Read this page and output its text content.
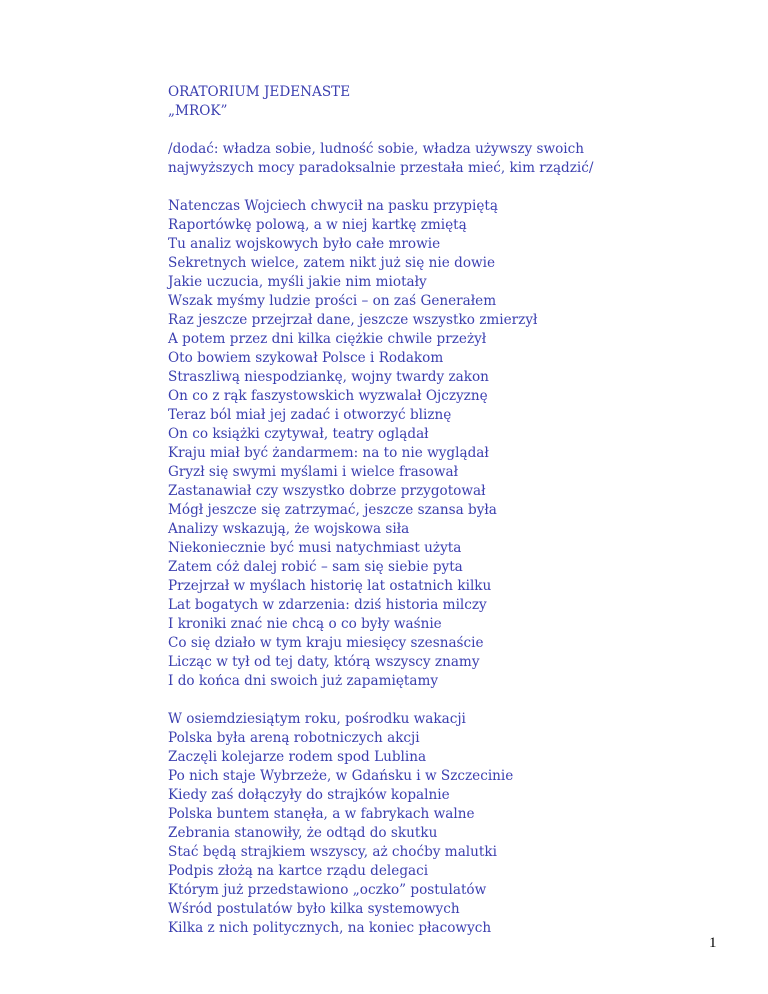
ORATORIUM JEDENASTE
„MROK”
/dodać: władza sobie, ludność sobie, władza używszy swoich
najwyższych mocy paradoksalnie przestała mieć, kim rządzić/
Natenczas Wojciech chwycił na pasku przypiętą
Raportówkę polową, a w niej kartkę zmiętą
Tu analiz wojskowych było całe mrowie
Sekretnych wielce, zatem nikt już się nie dowie
Jakie uczucia, myśli jakie nim miotały
Wszak myśmy ludzie prości – on zaś Generałem
Raz jeszcze przejrzał dane, jeszcze wszystko zmierzył
A potem przez dni kilka ciężkie chwile przeżył
Oto bowiem szykował Polsce i Rodakom
Straszliwą niespodziankę, wojny twardy zakon
On co z rąk faszystowskich wyzwalał Ojczyznę
Teraz ból miał jej zadać i otworzyć bliznę
On co książki czytywał, teatry oglądał
Kraju miał być żandarmem: na to nie wyglądał
Gryzł się swymi myślami i wielce frasował
Zastanawiał czy wszystko dobrze przygotował
Mógł jeszcze się zatrzymać, jeszcze szansa była
Analizy wskazują, że wojskowa siła
Niekoniecznie być musi natychmiast użyta
Zatem cóż dalej robić – sam się siebie pyta
Przejrzał w myślach historię lat ostatnich kilku
Lat bogatych w zdarzenia: dziś historia milczy
I kroniki znać nie chcą o co były waśnie
Co się działo w tym kraju miesięcy szesnaście
Licząc w tył od tej daty, którą wszyscy znamy
I do końca dni swoich już zapamiętamy
W osiemdziesiątym roku, pośrodku wakacji
Polska była areną robotniczych akcji
Zaczęli kolejarze rodem spod Lublina
Po nich staje Wybrzeże, w Gdańsku i w Szczecinie
Kiedy zaś dołączyły do strajków kopalnie
Polska buntem stanęła, a w fabrykach walne
Zebrania stanowiły, że odtąd do skutku
Stać będą strajkiem wszyscy, aż choćby malutki
Podpis złożą na kartce rządu delegaci
Którym już przedstawiono „oczko” postulatów
Wśród postulatów było kilka systemowych
Kilka z nich politycznych, na koniec płacowych
1
